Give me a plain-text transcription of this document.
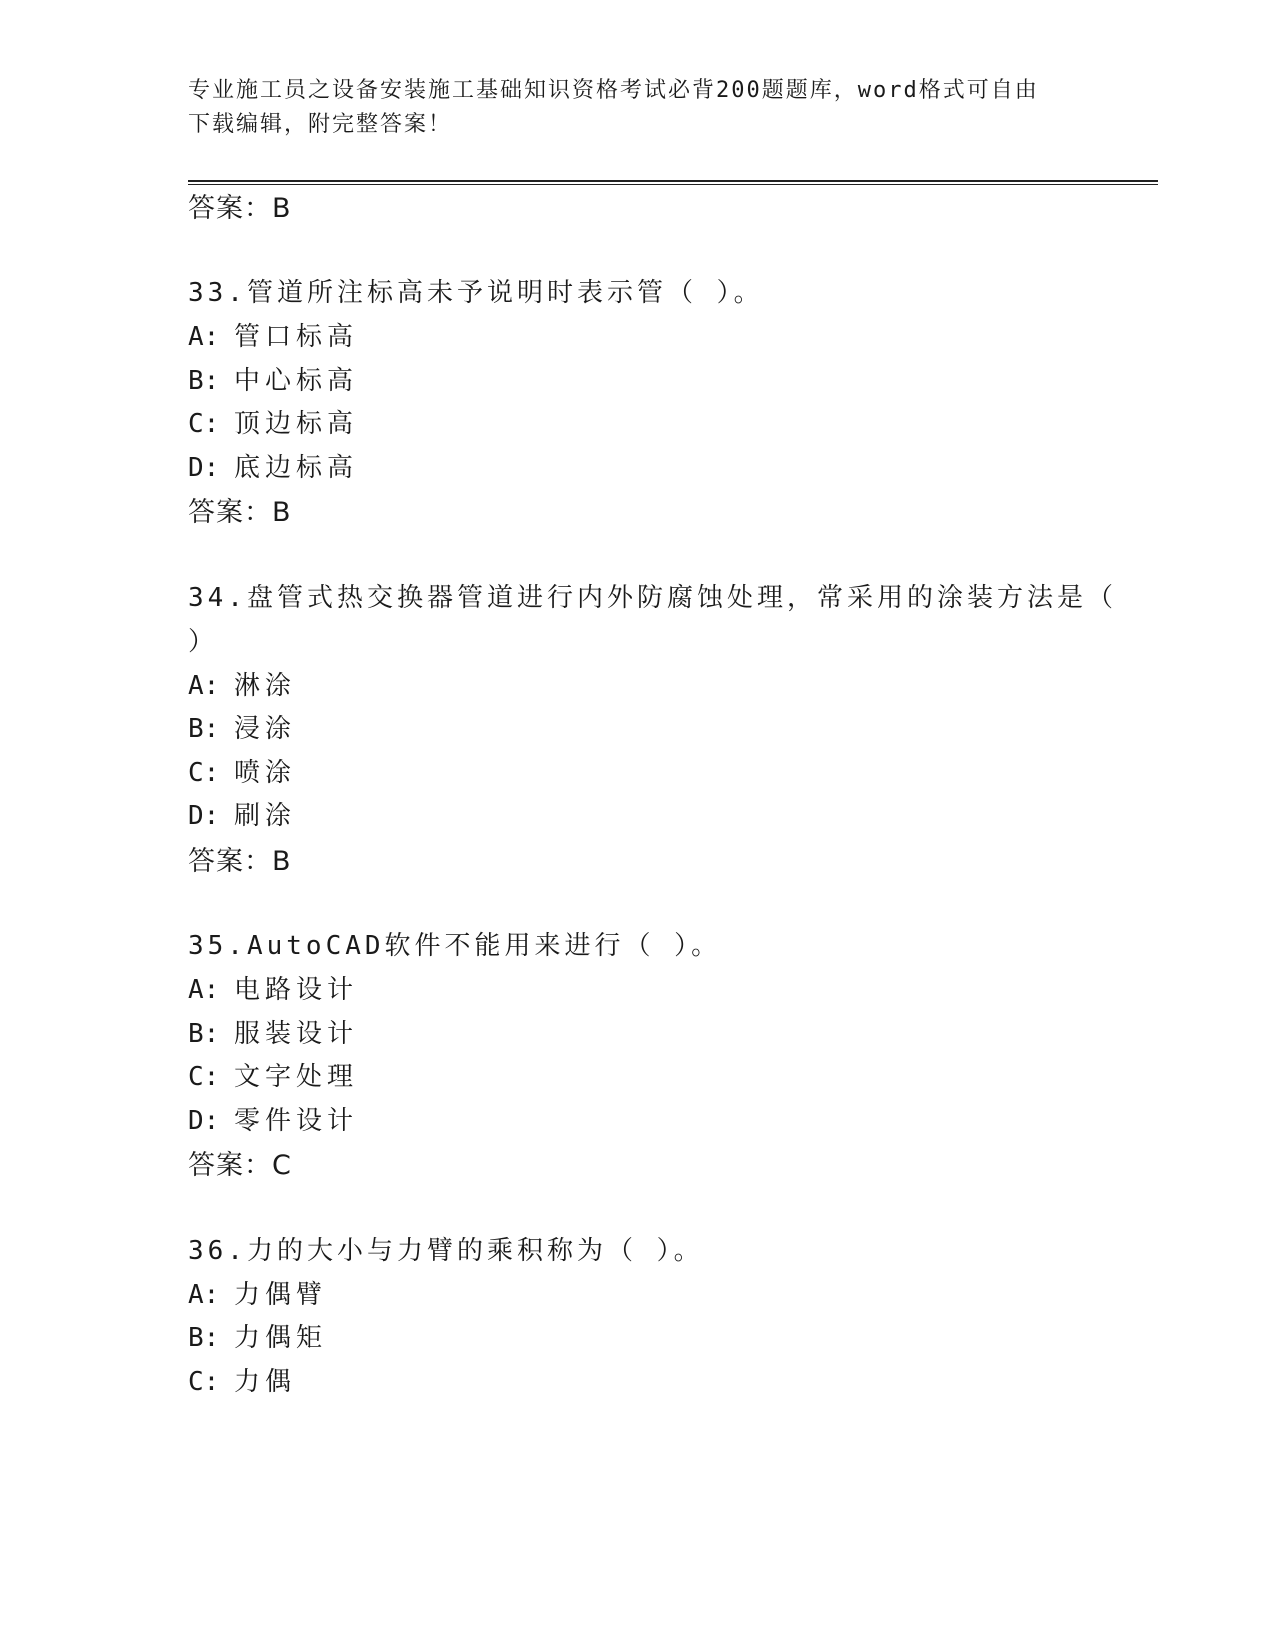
专业施工员之设备安装施工基础知识资格考试必背200题题库，word格式可自由
下载编辑，附完整答案！
答案：B
33.管道所注标高未予说明时表示管（ ）。
A: 管口标高
B: 中心标高
C: 顶边标高
D: 底边标高
答案：B
34.盘管式热交换器管道进行内外防腐蚀处理，常采用的涂装方法是（
）
A: 淋涂
B: 浸涂
C: 喷涂
D: 刷涂
答案：B
35.AutoCAD软件不能用来进行（ ）。
A: 电路设计
B: 服装设计
C: 文字处理
D: 零件设计
答案：C
36.力的大小与力臂的乘积称为（ ）。
A: 力偶臂
B: 力偶矩
C: 力偶
